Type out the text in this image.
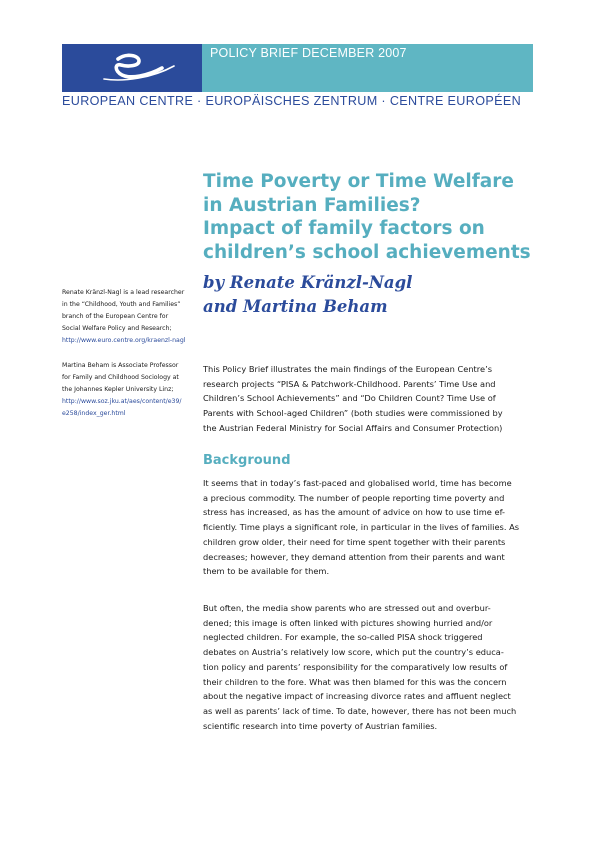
POLICY BRIEF DECEMBER 2007
EUROPEAN CENTRE · EUROPÄISCHES ZENTRUM · CENTRE EUROPÉEN
Time Poverty or Time Welfare
in Austrian Families?
Impact of family factors on
children’s school achievements
by Renate Kränzl-Nagl
and Martina Beham

Renate Kränzl-Nagl is a lead researcher
in the “Childhood, Youth and Families”
branch of the European Centre for
Social Welfare Policy and Research;
http://www.euro.centre.org/kraenzl-nagl

Martina Beham is Associate Professor
for Family and Childhood Sociology at
the Johannes Kepler University Linz;
http://www.soz.jku.at/aes/content/e39/
e258/index_ger.html

This Policy Brief illustrates the main findings of the European Centre’s
research projects “PISA & Patchwork-Childhood. Parents’ Time Use and
Children’s School Achievements” and “Do Children Count? Time Use of
Parents with School-aged Children” (both studies were commissioned by
the Austrian Federal Ministry for Social Affairs and Consumer Protection)
Background
It seems that in today’s fast-paced and globalised world, time has become
a precious commodity. The number of people reporting time poverty and
stress has increased, as has the amount of advice on how to use time ef-
ficiently. Time plays a significant role, in particular in the lives of families. As
children grow older, their need for time spent together with their parents
decreases; however, they demand attention from their parents and want
them to be available for them.
But often, the media show parents who are stressed out and overbur-
dened; this image is often linked with pictures showing hurried and/or
neglected children. For example, the so-called PISA shock triggered
debates on Austria’s relatively low score, which put the country’s educa-
tion policy and parents’ responsibility for the comparatively low results of
their children to the fore. What was then blamed for this was the concern
about the negative impact of increasing divorce rates and affluent neglect
as well as parents’ lack of time. To date, however, there has not been much
scientific research into time poverty of Austrian families.
